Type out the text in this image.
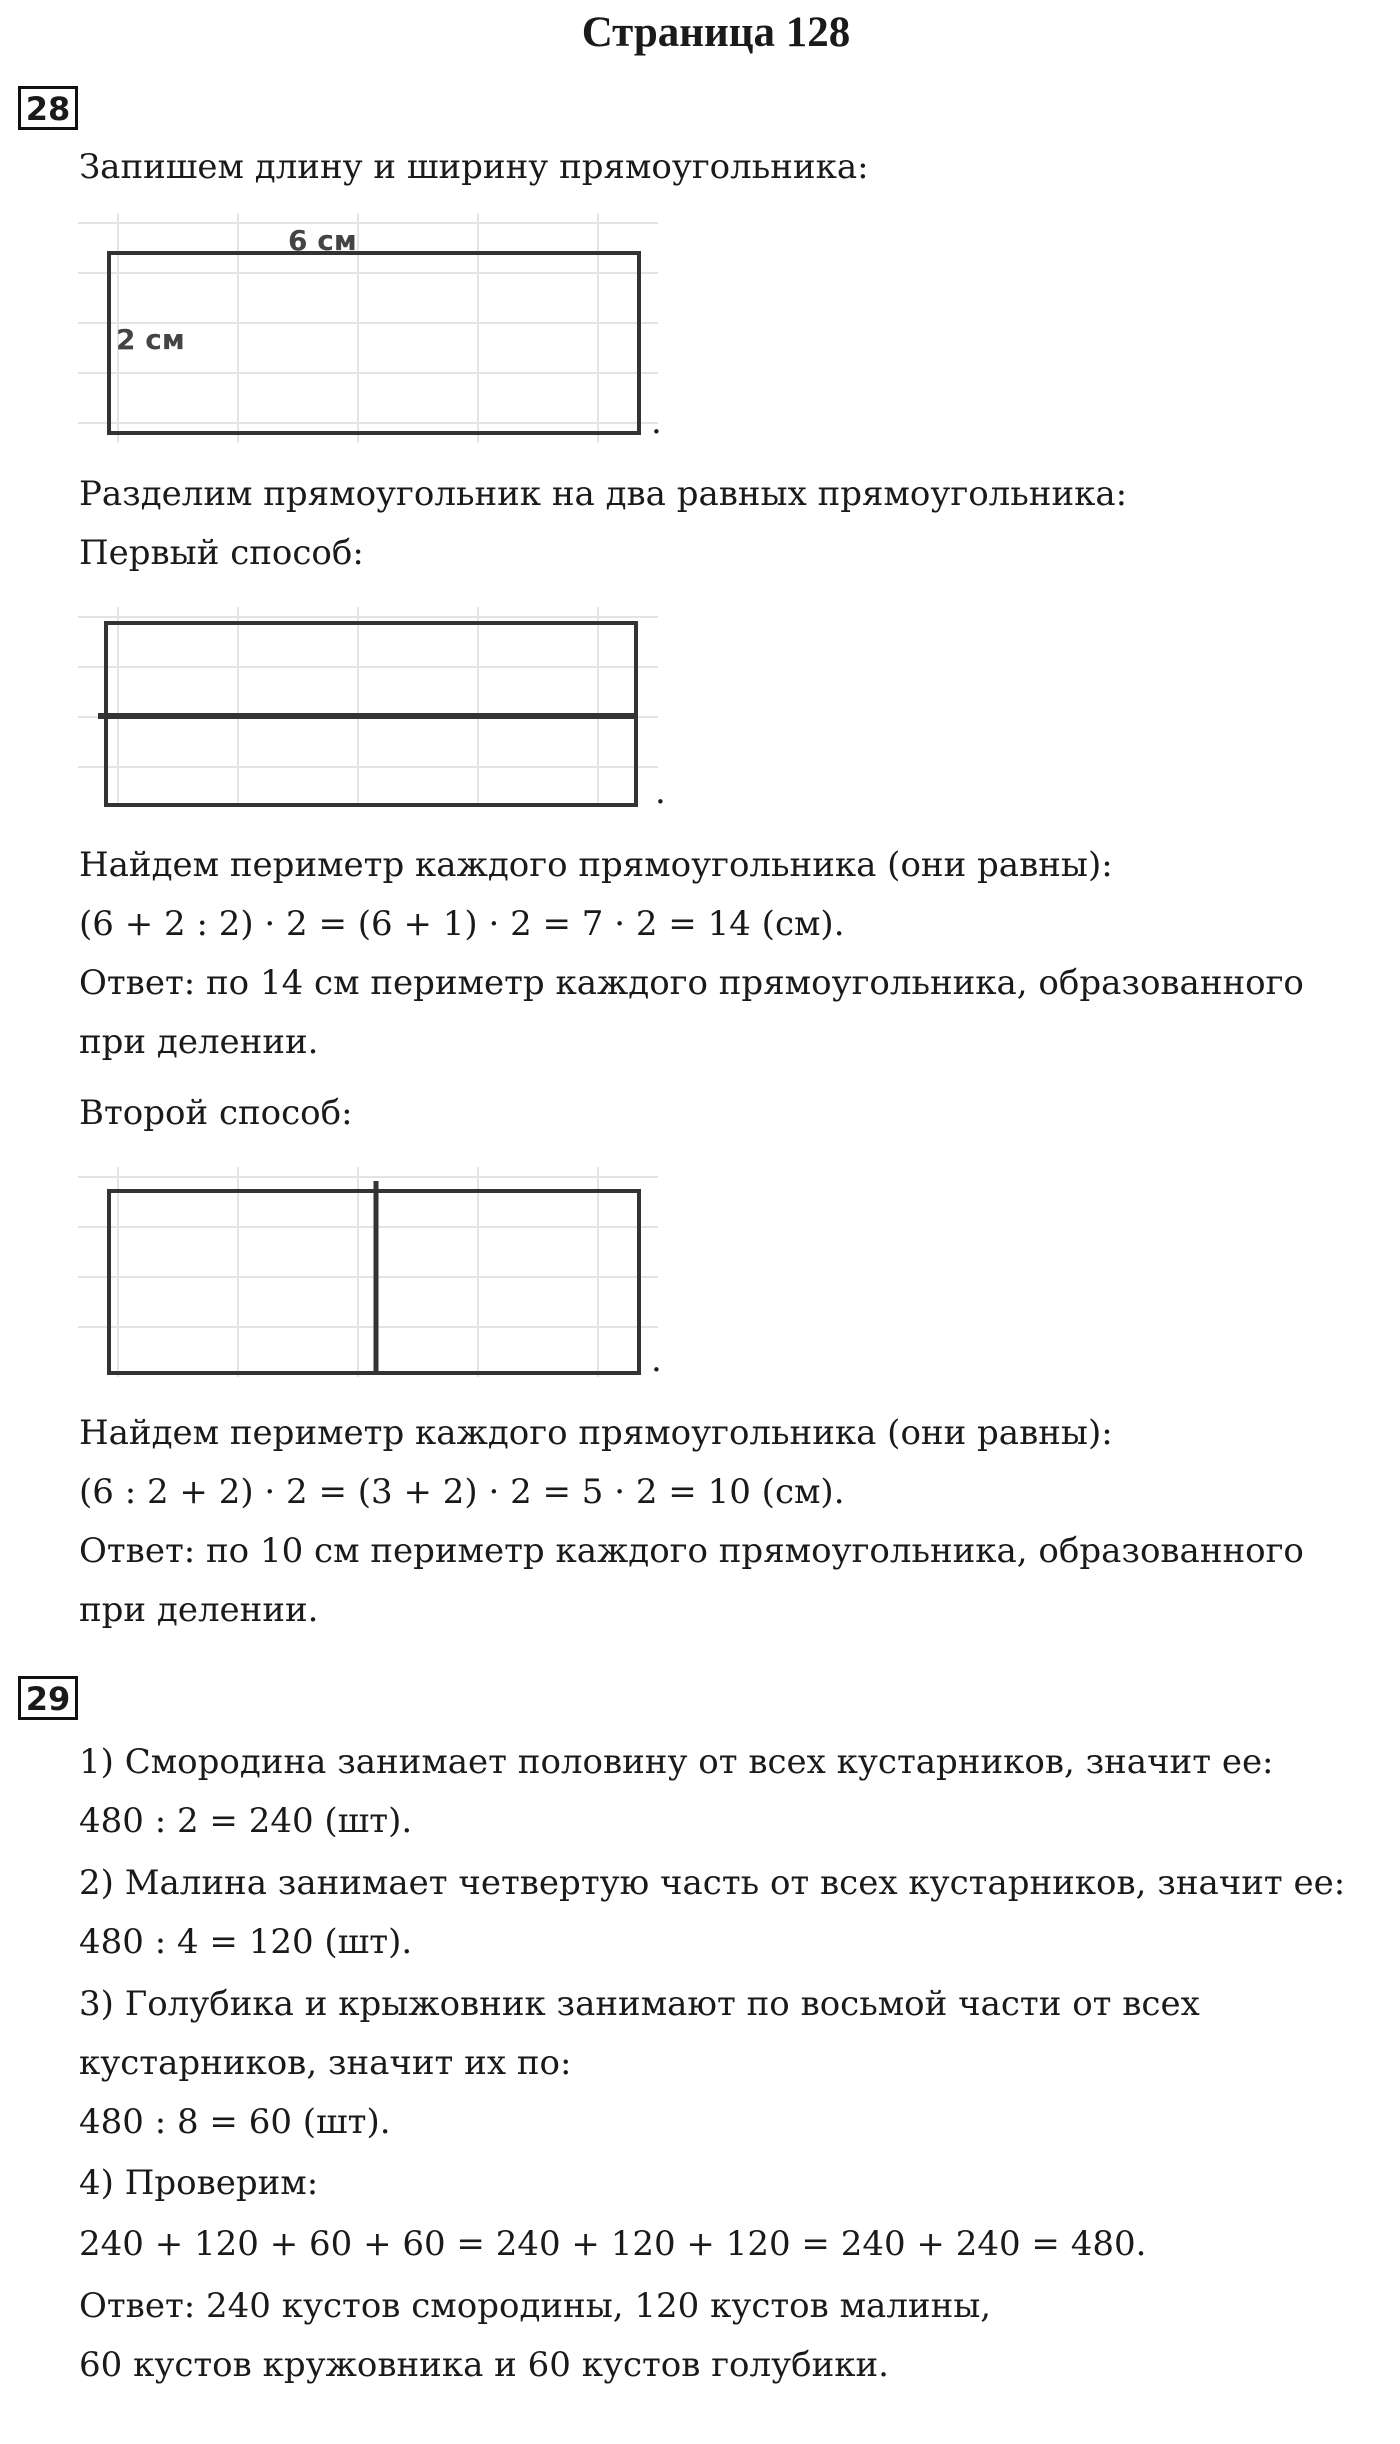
Страница 128
28
Запишем длину и ширину прямоугольника:
6 см
2 см
.
Разделим прямоугольник на два равных прямоугольника:
Первый способ:
.
Найдем периметр каждого прямоугольника (они равны):
(6 + 2 : 2) · 2 = (6 + 1) · 2 = 7 · 2 = 14 (см).
Ответ: по 14 см периметр каждого прямоугольника, образованного
при делении.
Второй способ:
.
Найдем периметр каждого прямоугольника (они равны):
(6 : 2 + 2) · 2 = (3 + 2) · 2 = 5 · 2 = 10 (см).
Ответ: по 10 см периметр каждого прямоугольника, образованного
при делении.
29
1) Смородина занимает половину от всех кустарников, значит ее:
480 : 2 = 240 (шт).
2) Малина занимает четвертую часть от всех кустарников, значит ее:
480 : 4 = 120 (шт).
3) Голубика и крыжовник занимают по восьмой части от всех
кустарников, значит их по:
480 : 8 = 60 (шт).
4) Проверим:
240 + 120 + 60 + 60 = 240 + 120 + 120 = 240 + 240 = 480.
Ответ: 240 кустов смородины, 120 кустов малины,
60 кустов кружовника и 60 кустов голубики.
